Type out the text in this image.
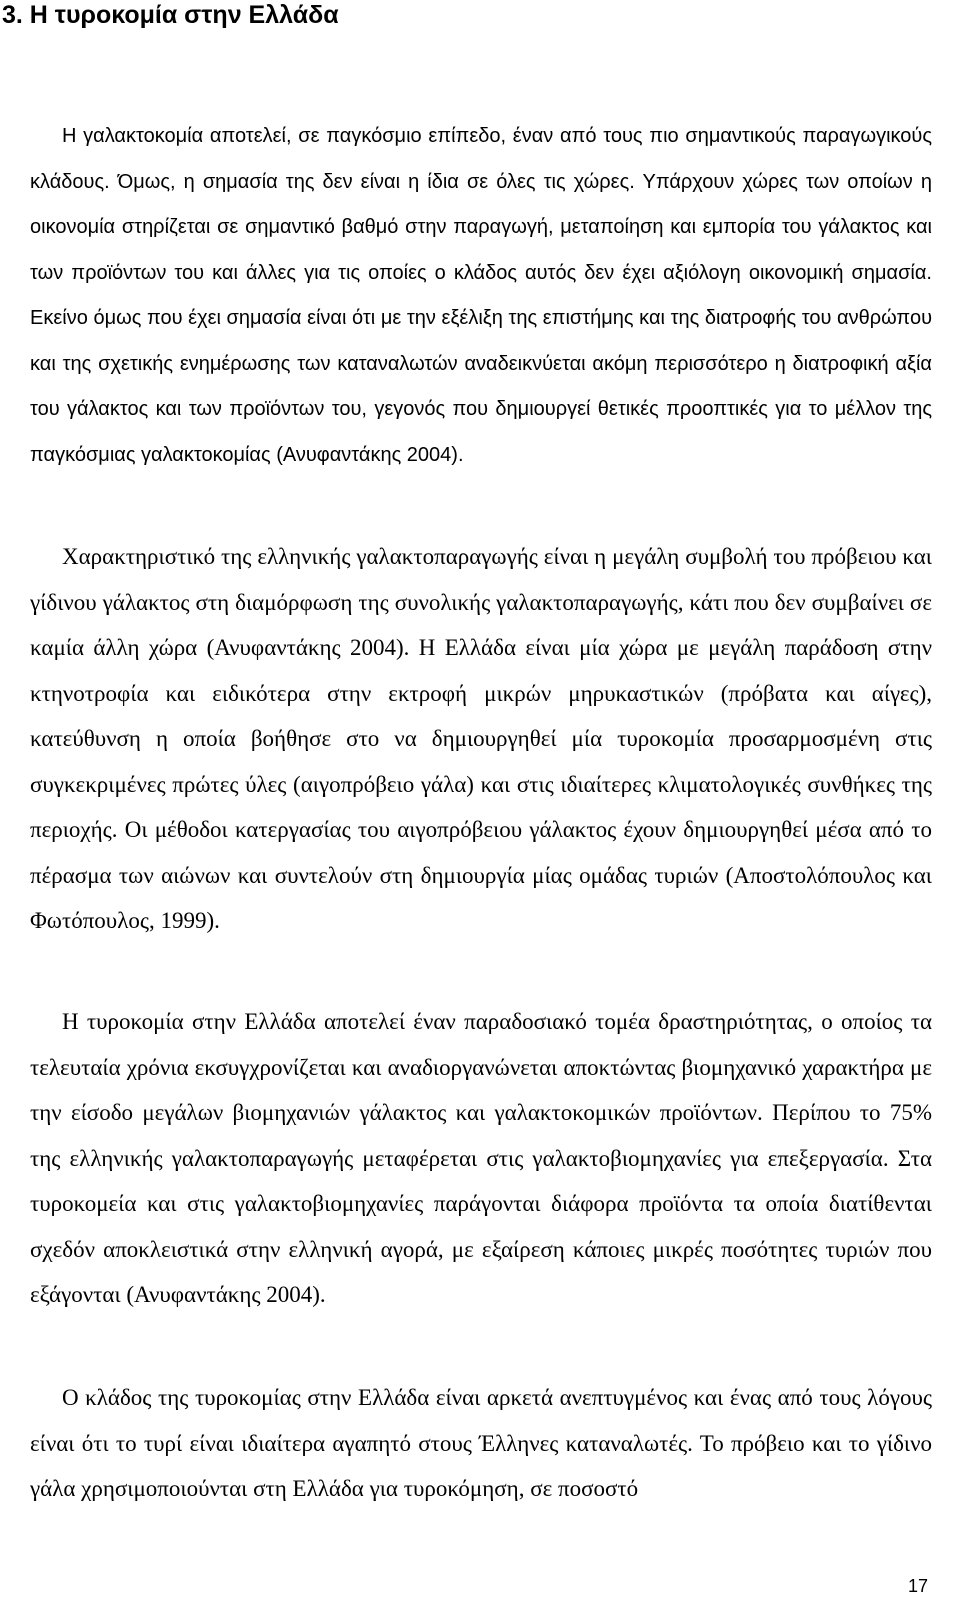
3. Η τυροκομία στην Ελλάδα

Η γαλακτοκομία αποτελεί, σε παγκόσμιο επίπεδο, έναν από τους πιο σημαντικούς παραγωγικούς κλάδους. Όμως, η σημασία της δεν είναι η ίδια σε όλες τις χώρες. Υπάρχουν χώρες των οποίων η οικονομία στηρίζεται σε σημαντικό βαθμό στην παραγωγή, μεταποίηση και εμπορία του γάλακτος και των προϊόντων του και άλλες για τις οποίες ο κλάδος αυτός δεν έχει αξιόλογη οικονομική σημασία. Εκείνο όμως που έχει σημασία είναι ότι με την εξέλιξη της επιστήμης και της διατροφής του ανθρώπου και της σχετικής ενημέρωσης των καταναλωτών αναδεικνύεται ακόμη περισσότερο η διατροφική αξία του γάλακτος και των προϊόντων του, γεγονός που δημιουργεί θετικές προοπτικές για το μέλλον της παγκόσμιας γαλακτοκομίας (Ανυφαντάκης 2004).

Χαρακτηριστικό της ελληνικής γαλακτοπαραγωγής είναι η μεγάλη συμβολή του πρόβειου και γίδινου γάλακτος στη διαμόρφωση της συνολικής γαλακτοπαραγωγής, κάτι που δεν συμβαίνει σε καμία άλλη χώρα (Ανυφαντάκης 2004). Η Ελλάδα είναι μία χώρα με μεγάλη παράδοση στην κτηνοτροφία και ειδικότερα στην εκτροφή μικρών μηρυκαστικών (πρόβατα και αίγες), κατεύθυνση η οποία βοήθησε στο να δημιουργηθεί μία τυροκομία προσαρμοσμένη στις συγκεκριμένες πρώτες ύλες (αιγοπρόβειο γάλα) και στις ιδιαίτερες κλιματολογικές συνθήκες της περιοχής. Οι μέθοδοι κατεργασίας του αιγοπρόβειου γάλακτος έχουν δημιουργηθεί μέσα από το πέρασμα των αιώνων και συντελούν στη δημιουργία μίας ομάδας τυριών (Αποστολόπουλος και Φωτόπουλος, 1999).

Η τυροκομία στην Ελλάδα αποτελεί έναν παραδοσιακό τομέα δραστηριότητας, ο οποίος τα τελευταία χρόνια εκσυγχρονίζεται και αναδιοργανώνεται αποκτώντας βιομηχανικό χαρακτήρα με την είσοδο μεγάλων βιομηχανιών γάλακτος και γαλακτοκομικών προϊόντων. Περίπου το 75% της ελληνικής γαλακτοπαραγωγής μεταφέρεται στις γαλακτοβιομηχανίες για επεξεργασία. Στα τυροκομεία και στις γαλακτοβιομηχανίες παράγονται διάφορα προϊόντα τα οποία διατίθενται σχεδόν αποκλειστικά στην ελληνική αγορά, με εξαίρεση κάποιες μικρές ποσότητες τυριών που εξάγονται (Ανυφαντάκης 2004).

Ο κλάδος της τυροκομίας στην Ελλάδα είναι αρκετά ανεπτυγμένος και ένας από τους λόγους είναι ότι το τυρί είναι ιδιαίτερα αγαπητό στους Έλληνες καταναλωτές. Το πρόβειο και το γίδινο γάλα χρησιμοποιούνται στη Ελλάδα για τυροκόμηση, σε ποσοστό

17
